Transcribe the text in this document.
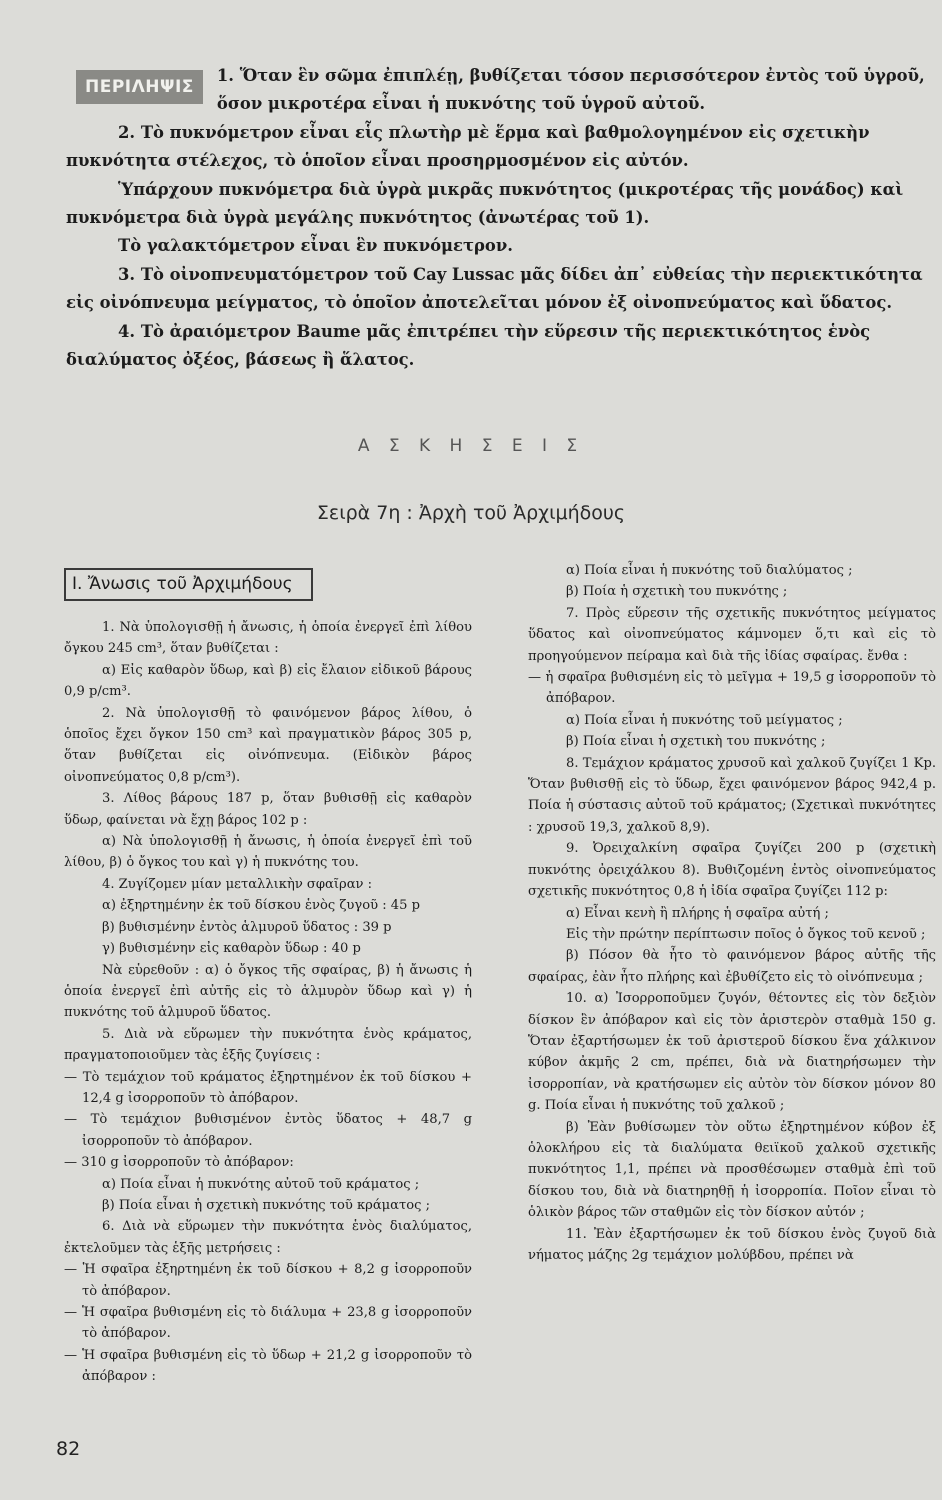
ΠΕΡΙΛΗΨΙΣ
1. Ὅταν ἓν σῶμα ἐπιπλέῃ, βυθίζεται τόσον περισσότερον ἐντὸς τοῦ ὑγροῦ, ὅσον μικροτέρα εἶναι ἡ πυκνότης τοῦ ὑγροῦ αὐτοῦ.

2. Τὸ πυκνόμετρον εἶναι εἷς πλωτὴρ μὲ ἕρμα καὶ βαθμολογημένον εἰς σχετικὴν πυκνότητα στέλεχος, τὸ ὁποῖον εἶναι προσηρμοσμένον εἰς αὐτόν.

Ὑπάρχουν πυκνόμετρα διὰ ὑγρὰ μικρᾶς πυκνότητος (μικροτέρας τῆς μονάδος) καὶ πυκνόμετρα διὰ ὑγρὰ μεγάλης πυκνότητος (ἀνωτέρας τοῦ 1).

Τὸ γαλακτόμετρον εἶναι ἓν πυκνόμετρον.

3. Τὸ οἰνοπνευματόμετρον τοῦ Cay Lussac μᾶς δίδει ἀπ᾿ εὐθείας τὴν περιεκτικότητα εἰς οἰνόπνευμα μείγματος, τὸ ὁποῖον ἀποτελεῖται μόνον ἐξ οἰνοπνεύματος καὶ ὕδατος.

4. Τὸ ἀραιόμετρον Baume μᾶς ἐπιτρέπει τὴν εὕρεσιν τῆς περιεκτικότητος ἑνὸς διαλύματος ὀξέος, βάσεως ἢ ἅλατος.

Α Σ Κ Η Σ Ε Ι Σ
Σειρὰ 7η : Ἀρχὴ τοῦ Ἀρχιμήδους
I. Ἄνωσις τοῦ Ἀρχιμήδους

1. Νὰ ὑπολογισθῇ ἡ ἄνωσις, ἡ ὁποία ἐνεργεῖ ἐπὶ λίθου ὄγκου 245 cm³, ὅταν βυθίζεται :

α) Εἰς καθαρὸν ὕδωρ, καὶ β) εἰς ἔλαιον εἰδικοῦ βάρους 0,9 p/cm³.

2. Νὰ ὑπολογισθῇ τὸ φαινόμενον βάρος λίθου, ὁ ὁποῖος ἔχει ὄγκον 150 cm³ καὶ πραγματικὸν βάρος 305 p, ὅταν βυθίζεται εἰς οἰνόπνευμα. (Εἰδικὸν βάρος οἰνοπνεύματος 0,8 p/cm³).

3. Λίθος βάρους 187 p, ὅταν βυθισθῇ εἰς καθαρὸν ὕδωρ, φαίνεται νὰ ἔχῃ βάρος 102 p :

α) Νὰ ὑπολογισθῇ ἡ ἄνωσις, ἡ ὁποία ἐνεργεῖ ἐπὶ τοῦ λίθου, β) ὁ ὄγκος του καὶ γ) ἡ πυκνότης του.

4. Ζυγίζομεν μίαν μεταλλικὴν σφαῖραν :

α) ἐξηρτημένην ἐκ τοῦ δίσκου ἑνὸς ζυγοῦ : 45 p

β) βυθισμένην ἐντὸς ἁλμυροῦ ὕδατος : 39 p

γ) βυθισμένην εἰς καθαρὸν ὕδωρ : 40 p

Νὰ εὑρεθοῦν : α) ὁ ὄγκος τῆς σφαίρας, β) ἡ ἄνωσις ἡ ὁποία ἐνεργεῖ ἐπὶ αὐτῆς εἰς τὸ ἁλμυρὸν ὕδωρ καὶ γ) ἡ πυκνότης τοῦ ἁλμυροῦ ὕδατος.

5. Διὰ νὰ εὕρωμεν τὴν πυκνότητα ἑνὸς κράματος, πραγματοποιοῦμεν τὰς ἑξῆς ζυγίσεις :

— Τὸ τεμάχιον τοῦ κράματος ἐξηρτημένον ἐκ τοῦ δίσκου + 12,4 g ἰσορροποῦν τὸ ἀπόβαρον.

— Τὸ τεμάχιον βυθισμένον ἐντὸς ὕδατος + 48,7 g ἰσορροποῦν τὸ ἀπόβαρον.

— 310 g ἰσορροποῦν τὸ ἀπόβαρον:

α) Ποία εἶναι ἡ πυκνότης αὐτοῦ τοῦ κράματος ;

β) Ποία εἶναι ἡ σχετικὴ πυκνότης τοῦ κράματος ;

6. Διὰ νὰ εὕρωμεν τὴν πυκνότητα ἑνὸς διαλύματος, ἐκτελοῦμεν τὰς ἑξῆς μετρήσεις :

— Ἡ σφαῖρα ἐξηρτημένη ἐκ τοῦ δίσκου + 8,2 g ἰσορροποῦν τὸ ἀπόβαρον.

— Ἡ σφαῖρα βυθισμένη εἰς τὸ διάλυμα + 23,8 g ἰσορροποῦν τὸ ἀπόβαρον.

— Ἡ σφαῖρα βυθισμένη εἰς τὸ ὕδωρ + 21,2 g ἰσορροποῦν τὸ ἀπόβαρον :

α) Ποία εἶναι ἡ πυκνότης τοῦ διαλύματος ;

β) Ποία ἡ σχετικὴ του πυκνότης ;

7. Πρὸς εὕρεσιν τῆς σχετικῆς πυκνότητος μείγματος ὕδατος καὶ οἰνοπνεύματος κάμνομεν ὅ,τι καὶ εἰς τὸ προηγούμενον πείραμα καὶ διὰ τῆς ἰδίας σφαίρας. ἔνθα :

— ἡ σφαῖρα βυθισμένη εἰς τὸ μεῖγμα + 19,5 g ἰσορροποῦν τὸ ἀπόβαρον.

α) Ποία εἶναι ἡ πυκνότης τοῦ μείγματος ;

β) Ποία εἶναι ἡ σχετικὴ του πυκνότης ;

8. Τεμάχιον κράματος χρυσοῦ καὶ χαλκοῦ ζυγίζει 1 Kp. Ὅταν βυθισθῇ εἰς τὸ ὕδωρ, ἔχει φαινόμενον βάρος 942,4 p. Ποία ἡ σύστασις αὐτοῦ τοῦ κράματος; (Σχετικαὶ πυκνότητες : χρυσοῦ 19,3, χαλκοῦ 8,9).

9. Ὀρειχαλκίνη σφαῖρα ζυγίζει 200 p (σχετικὴ πυκνότης ὀρειχάλκου 8). Βυθιζομένη ἐντὸς οἰνοπνεύματος σχετικῆς πυκνότητος 0,8 ἡ ἰδία σφαῖρα ζυγίζει 112 p:

α) Εἶναι κενὴ ἢ πλήρης ἡ σφαῖρα αὐτή ;

Εἰς τὴν πρώτην περίπτωσιν ποῖος ὁ ὄγκος τοῦ κενοῦ ;

β) Πόσον θὰ ἦτο τὸ φαινόμενον βάρος αὐτῆς τῆς σφαίρας, ἐὰν ἦτο πλήρης καὶ ἐβυθίζετο εἰς τὸ οἰνόπνευμα ;

10. α) Ἰσορροποῦμεν ζυγόν, θέτοντες εἰς τὸν δεξιὸν δίσκον ἓν ἀπόβαρον καὶ εἰς τὸν ἀριστερὸν σταθμὰ 150 g. Ὅταν ἐξαρτήσωμεν ἐκ τοῦ ἀριστεροῦ δίσκου ἕνα χάλκινον κύβον ἀκμῆς 2 cm, πρέπει, διὰ νὰ διατηρήσωμεν τὴν ἰσορροπίαν, νὰ κρατήσωμεν εἰς αὐτὸν τὸν δίσκον μόνον 80 g. Ποία εἶναι ἡ πυκνότης τοῦ χαλκοῦ ;

β) Ἐὰν βυθίσωμεν τὸν οὕτω ἐξηρτημένον κύβον ἐξ ὁλοκλήρου εἰς τὰ διαλύματα θειϊκοῦ χαλκοῦ σχετικῆς πυκνότητος 1,1, πρέπει νὰ προσθέσωμεν σταθμὰ ἐπὶ τοῦ δίσκου του, διὰ νὰ διατηρηθῇ ἡ ἰσορροπία. Ποῖον εἶναι τὸ ὁλικὸν βάρος τῶν σταθμῶν εἰς τὸν δίσκον αὐτόν ;

11. Ἐὰν ἐξαρτήσωμεν ἐκ τοῦ δίσκου ἑνὸς ζυγοῦ διὰ νήματος μάζης 2g τεμάχιον μολύβδου, πρέπει νὰ

82
